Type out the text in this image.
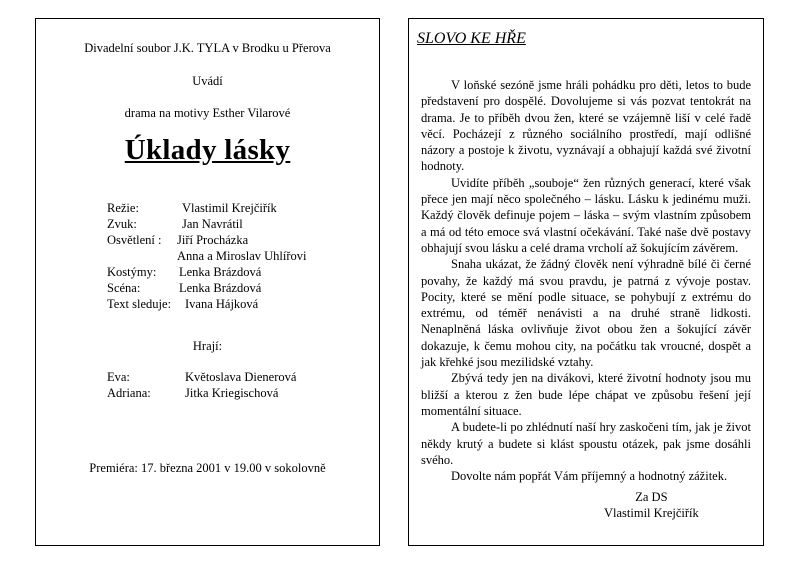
Divadelní soubor J.K. TYLA v Brodku u Přerova
Uvádí
drama na motivy Esther Vilarové
Úklady lásky
Režie:	Vlastimil Krejčiřík
Zvuk:	Jan Navrátil
Osvětlení : Jiří Procházka
Anna a Miroslav Uhlířovi
Kostýmy: Lenka Brázdová
Scéna:	Lenka Brázdová
Text sleduje: Ivana Hájková
Hrají:
Eva:	Květoslava Dienerová
Adriana:	Jitka Kriegischová
Premiéra: 17. března 2001 v 19.00 v sokolovně
SLOVO KE HŘE

V loňské sezóně jsme hráli pohádku pro děti, letos to bude představení pro dospělé. Dovolujeme si vás pozvat tentokrát na drama. Je to příběh dvou žen, které se vzájemně liší v celé řadě věcí. Pocházejí z různého sociálního prostředí, mají odlišné názory a postoje k životu, vyznávají a obhajují každá své životní hodnoty.

Uvidíte příběh „souboje“ žen různých generací, které však přece jen mají něco společného – lásku. Lásku k jedinému muži. Každý člověk definuje pojem – láska – svým vlastním způsobem a má od této emoce svá vlastní očekávání. Také naše dvě postavy obhajují svou lásku a celé drama vrcholí až šokujícím závěrem.

Snaha ukázat, že žádný člověk není výhradně bílé či černé povahy, že každý má svou pravdu, je patrná z vývoje postav. Pocity, které se mění podle situace, se pohybují z extrému do extrému, od téměř nenávisti a na druhé straně lidkosti. Nenaplněná láska ovlivňuje život obou žen a šokující závěr dokazuje, k čemu mohou city, na počátku tak vroucné, dospět a jak křehké jsou mezilidské vztahy.

Zbývá tedy jen na divákovi, které životní hodnoty jsou mu bližší a kterou z žen bude lépe chápat ve způsobu řešení její momentální situace.

A budete-li po zhlédnutí naší hry zaskočeni tím, jak je život někdy krutý a budete si klást spoustu otázek, pak jsme dosáhli svého.

Dovolte nám popřát Vám příjemný a hodnotný zážitek.

Za DS
Vlastimil Krejčiřík
